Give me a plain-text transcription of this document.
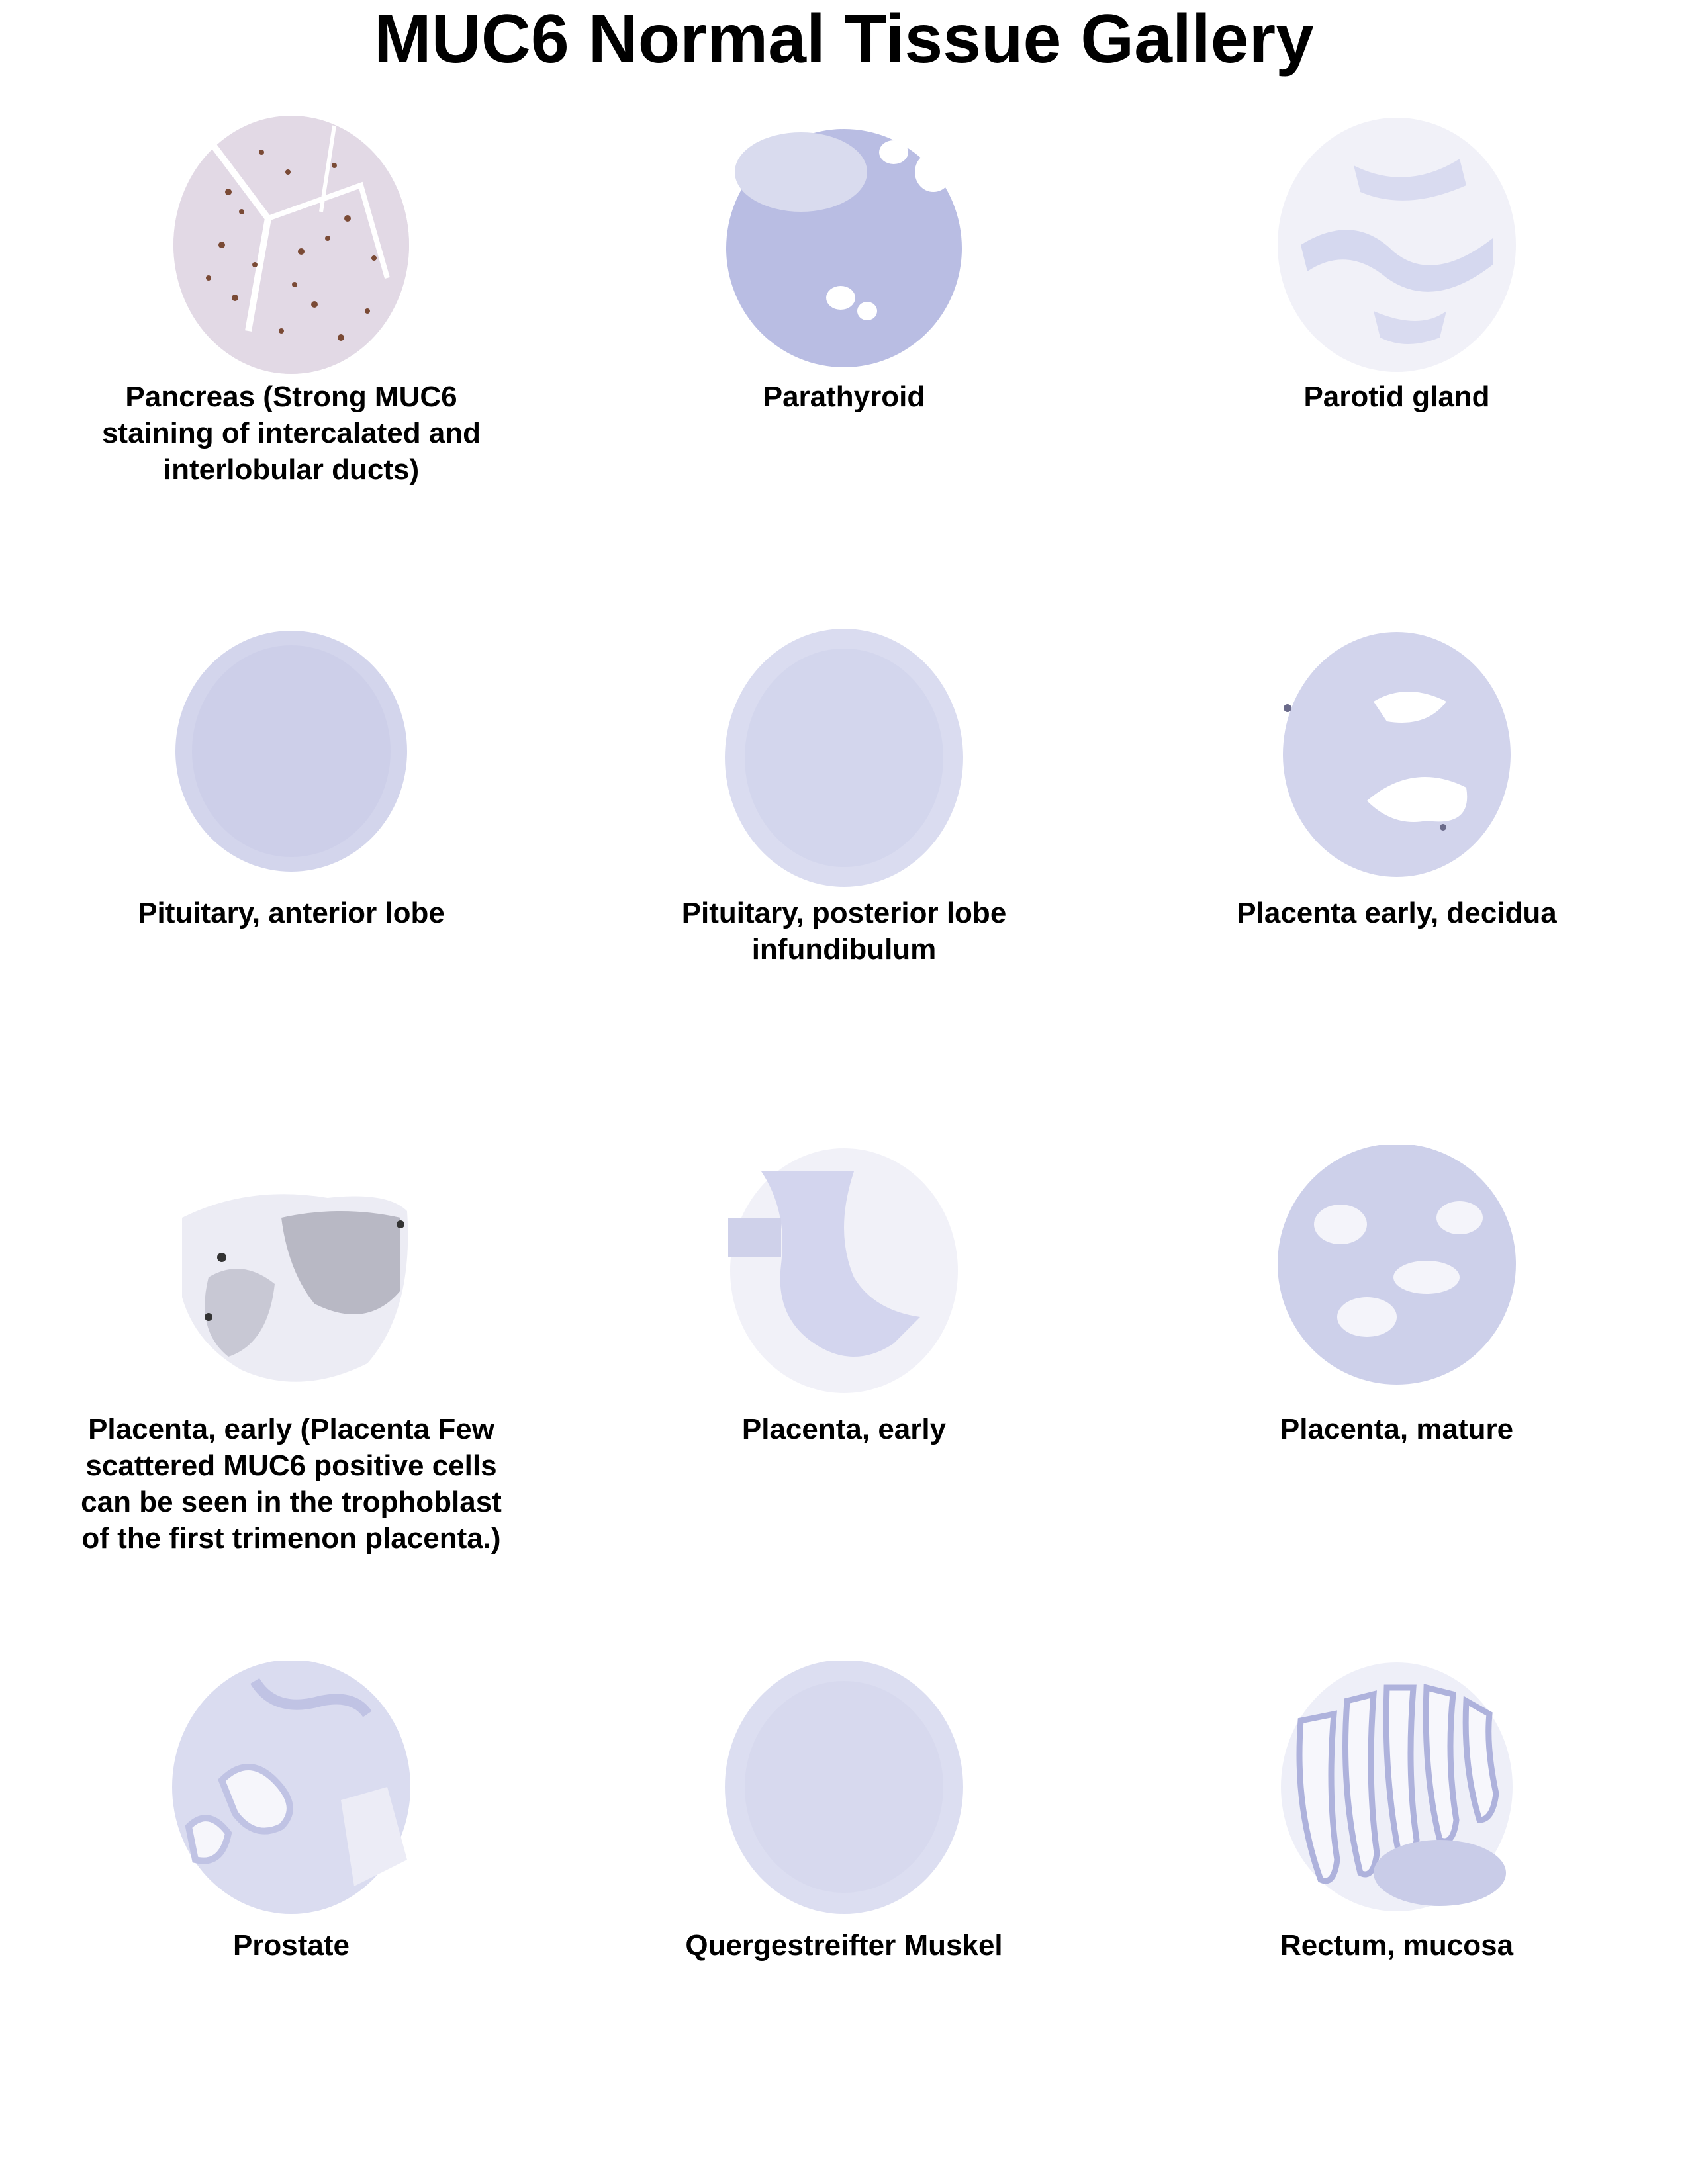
MUC6 Normal Tissue Gallery
Pancreas (Strong MUC6 staining of intercalated and interlobular ducts)
Parathyroid	Parotid gland
Pituitary, anterior lobe	Pituitary, posterior lobe infundibulum
Placenta early, decidua
Placenta, early (Placenta Few scattered MUC6 positive cells can be seen in the trophoblast of the first trimenon placenta.)
Placenta, early	Placenta, mature
Prostate	Quergestreifter Muskel	Rectum, mucosa
